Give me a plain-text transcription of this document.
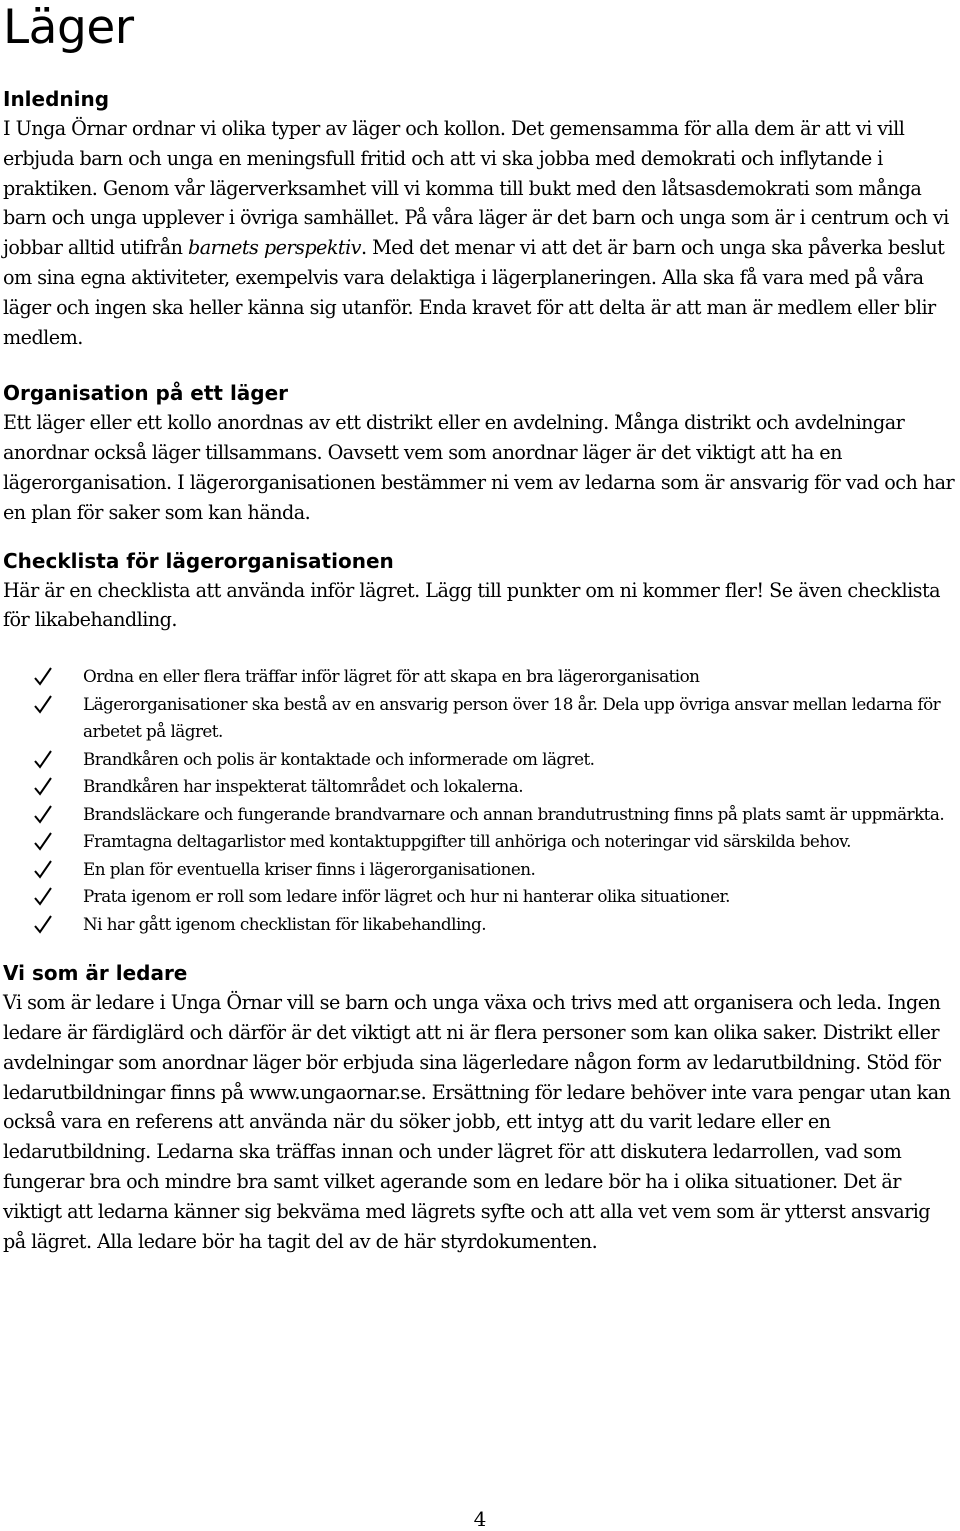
Läger
Inledning

I Unga Örnar ordnar vi olika typer av läger och kollon. Det gemensamma för alla dem är att vi vill erbjuda barn och unga en meningsfull fritid och att vi ska jobba med demokrati och inflytande i praktiken. Genom vår lägerverksamhet vill vi komma till bukt med den låtsasdemokrati som många barn och unga upplever i övriga samhället. På våra läger är det barn och unga som är i centrum och vi jobbar alltid utifrån barnets perspektiv. Med det menar vi att det är barn och unga ska påverka beslut om sina egna aktiviteter, exempelvis vara delaktiga i lägerplaneringen. Alla ska få vara med på våra läger och ingen ska heller känna sig utanför. Enda kravet för att delta är att man är medlem eller blir medlem.

Organisation på ett läger

Ett läger eller ett kollo anordnas av ett distrikt eller en avdelning. Många distrikt och avdelningar anordnar också läger tillsammans. Oavsett vem som anordnar läger är det viktigt att ha en lägerorganisation. I lägerorganisationen bestämmer ni vem av ledarna som är ansvarig för vad och har en plan för saker som kan hända.

Checklista för lägerorganisationen

Här är en checklista att använda inför lägret. Lägg till punkter om ni kommer fler! Se även checklista för likabehandling.

Ordna en eller flera träffar inför lägret för att skapa en bra lägerorganisation
Lägerorganisationer ska bestå av en ansvarig person över 18 år. Dela upp övriga ansvar mellan ledarna för arbetet på lägret.
Brandkåren och polis är kontaktade och informerade om lägret.
Brandkåren har inspekterat tältområdet och lokalerna.
Brandsläckare och fungerande brandvarnare och annan brandutrustning finns på plats samt är uppmärkta.
Framtagna deltagarlistor med kontaktuppgifter till anhöriga och noteringar vid särskilda behov.
En plan för eventuella kriser finns i lägerorganisationen.
Prata igenom er roll som ledare inför lägret och hur ni hanterar olika situationer.
Ni har gått igenom checklistan för likabehandling.
Vi som är ledare

Vi som är ledare i Unga Örnar vill se barn och unga växa och trivs med att organisera och leda. Ingen ledare är färdiglärd och därför är det viktigt att ni är flera personer som kan olika saker. Distrikt eller avdelningar som anordnar läger bör erbjuda sina lägerledare någon form av ledarutbildning. Stöd för ledarutbildningar finns på www.ungaornar.se. Ersättning för ledare behöver inte vara pengar utan kan också vara en referens att använda när du söker jobb, ett intyg att du varit ledare eller en ledarutbildning. Ledarna ska träffas innan och under lägret för att diskutera ledarrollen, vad som fungerar bra och mindre bra samt vilket agerande som en ledare bör ha i olika situationer. Det är viktigt att ledarna känner sig bekväma med lägrets syfte och att alla vet vem som är ytterst ansvarig på lägret. Alla ledare bör ha tagit del av de här styrdokumenten.

4
